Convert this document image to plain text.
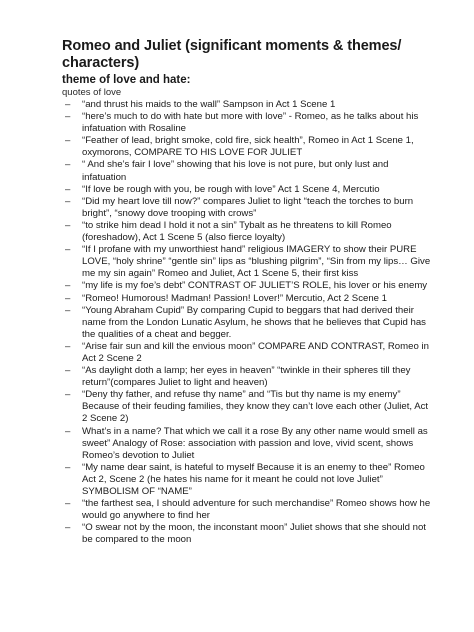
Romeo and Juliet (significant moments & themes/ characters)
theme of love and hate:
quotes of love
– “and thrust his maids to the wall” Sampson in Act 1 Scene 1
– “here’s much to do with hate but more with love” - Romeo, as he talks about his infatuation with Rosaline
– “Feather of lead, bright smoke, cold fire, sick health”, Romeo in Act 1 Scene 1, oxymorons, COMPARE TO HIS LOVE FOR JULIET
– “ And she’s fair I love” showing that his love is not pure, but only lust and infatuation
– “If love be rough with you, be rough with love” Act 1 Scene 4, Mercutio
– “Did my heart love till now?” compares Juliet to light “teach the torches to burn bright”, “snowy dove trooping with crows”
– “to strike him dead I hold it not a sin” Tybalt as he threatens to kill Romeo (foreshadow), Act 1 Scene 5 (also fierce loyalty)
– “If I profane with my unworthiest hand” religious IMAGERY to show their PURE LOVE, “holy shrine” “gentle sin” lips as “blushing pilgrim”, “Sin from my lips… Give me my sin again” Romeo and Juliet, Act 1 Scene 5, their first kiss
– “my life is my foe’s debt” CONTRAST OF JULIET’S ROLE, his lover or his enemy
– “Romeo! Humorous! Madman! Passion! Lover!” Mercutio, Act 2 Scene 1
– “Young Abraham Cupid” By comparing Cupid to beggars that had derived their name from the London Lunatic Asylum, he shows that he believes that Cupid has the qualities of a cheat and begger.
– “Arise fair sun and kill the envious moon” COMPARE AND CONTRAST, Romeo in Act 2 Scene 2
– “As daylight doth a lamp; her eyes in heaven” “twinkle in their spheres till they return”(compares Juliet to light and heaven)
– “Deny thy father, and refuse thy name” and “Tis but thy name is my enemy” Because of their feuding families, they know they can’t love each other (Juliet, Act 2 Scene 2)
– What’s in a name? That which we call it a rose By any other name would smell as sweet” Analogy of Rose: association with passion and love, vivid scent, shows Romeo’s devotion to Juliet
– “My name dear saint, is hateful to myself Because it is an enemy to thee” Romeo Act 2, Scene 2 (he hates his name for it meant he could not love Juliet” SYMBOLISM OF “NAME”
– “the farthest sea, I should adventure for such merchandise” Romeo shows how he would go anywhere to find her
– “O swear not by the moon, the inconstant moon” Juliet shows that she should not be compared to the moon
